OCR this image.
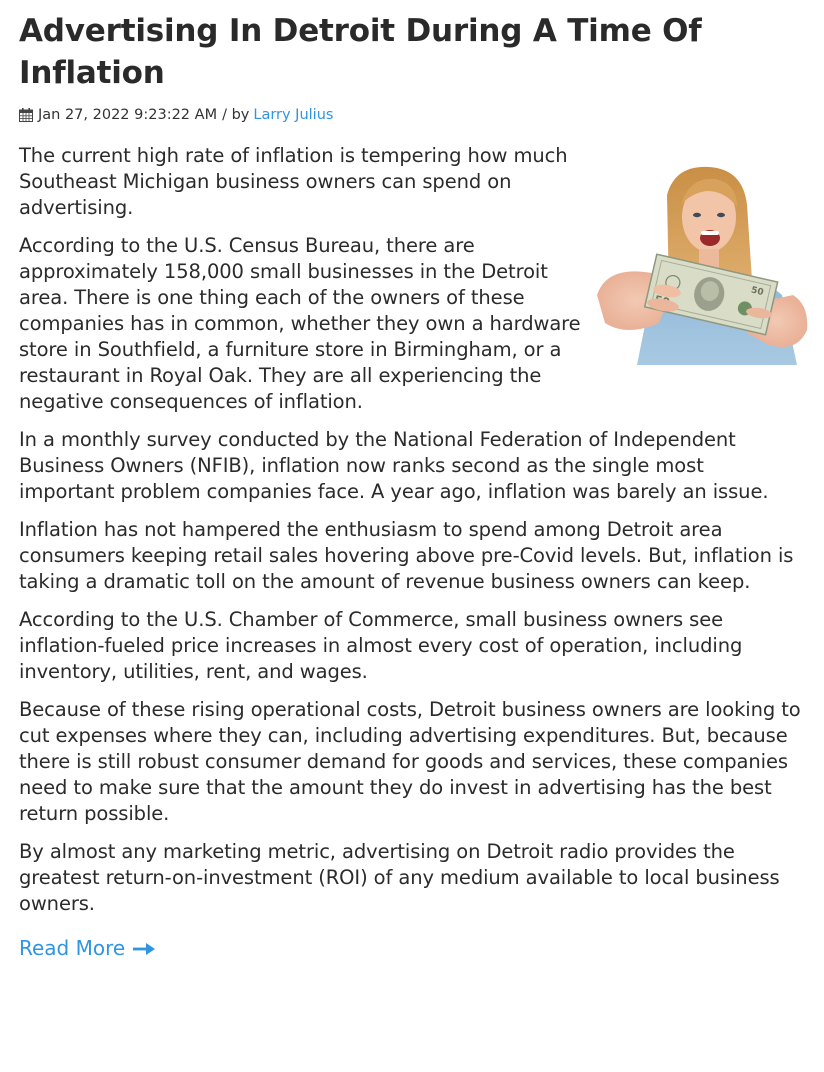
Advertising In Detroit During A Time Of Inflation
Jan 27, 2022 9:23:22 AM / by Larry Julius
50

The current high rate of inflation is tempering how much Southeast Michigan business owners can spend on advertising.

According to the U.S. Census Bureau, there are approximately 158,000 small businesses in the Detroit area. There is one thing each of the owners of these companies has in common, whether they own a hardware store in Southfield, a furniture store in Birmingham, or a restaurant in Royal Oak. They are all experiencing the negative consequences of inflation.

In a monthly survey conducted by the National Federation of Independent Business Owners (NFIB), inflation now ranks second as the single most important problem companies face. A year ago, inflation was barely an issue.

Inflation has not hampered the enthusiasm to spend among Detroit area consumers keeping retail sales hovering above pre-Covid levels. But, inflation is taking a dramatic toll on the amount of revenue business owners can keep.

According to the U.S. Chamber of Commerce, small business owners see inflation-fueled price increases in almost every cost of operation, including inventory, utilities, rent, and wages.

Because of these rising operational costs, Detroit business owners are looking to cut expenses where they can, including advertising expenditures. But, because there is still robust consumer demand for goods and services, these companies need to make sure that the amount they do invest in advertising has the best return possible.

By almost any marketing metric, advertising on Detroit radio provides the greatest return-on-investment (ROI) of any medium available to local business owners.

Read More
